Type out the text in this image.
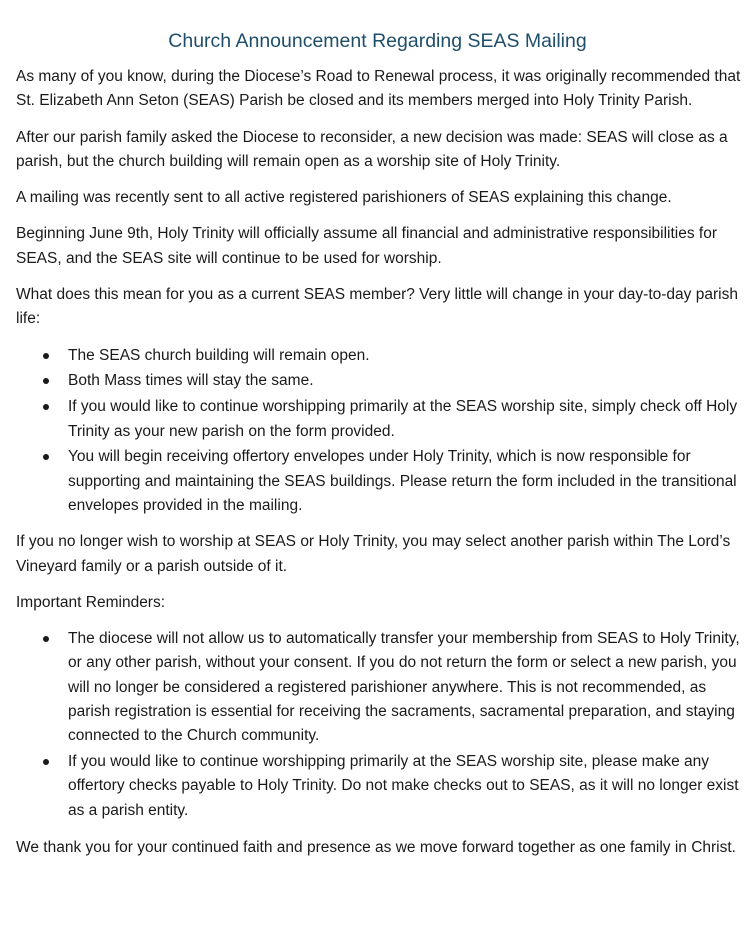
Church Announcement Regarding SEAS Mailing

As many of you know, during the Diocese’s Road to Renewal process, it was originally recommended that St. Elizabeth Ann Seton (SEAS) Parish be closed and its members merged into Holy Trinity Parish.

After our parish family asked the Diocese to reconsider, a new decision was made: SEAS will close as a parish, but the church building will remain open as a worship site of Holy Trinity.

A mailing was recently sent to all active registered parishioners of SEAS explaining this change.

Beginning June 9th, Holy Trinity will officially assume all financial and administrative responsibilities for SEAS, and the SEAS site will continue to be used for worship.

What does this mean for you as a current SEAS member? Very little will change in your day-to-day parish life:

The SEAS church building will remain open.
Both Mass times will stay the same.
If you would like to continue worshipping primarily at the SEAS worship site, simply check off Holy Trinity as your new parish on the form provided.
You will begin receiving offertory envelopes under Holy Trinity, which is now responsible for supporting and maintaining the SEAS buildings. Please return the form included in the transitional envelopes provided in the mailing.

If you no longer wish to worship at SEAS or Holy Trinity, you may select another parish within The Lord’s Vineyard family or a parish outside of it.

Important Reminders:

The diocese will not allow us to automatically transfer your membership from SEAS to Holy Trinity, or any other parish, without your consent. If you do not return the form or select a new parish, you will no longer be considered a registered parishioner anywhere. This is not recommended, as parish registration is essential for receiving the sacraments, sacramental preparation, and staying connected to the Church community.
If you would like to continue worshipping primarily at the SEAS worship site, please make any offertory checks payable to Holy Trinity. Do not make checks out to SEAS, as it will no longer exist as a parish entity.

We thank you for your continued faith and presence as we move forward together as one family in Christ.
